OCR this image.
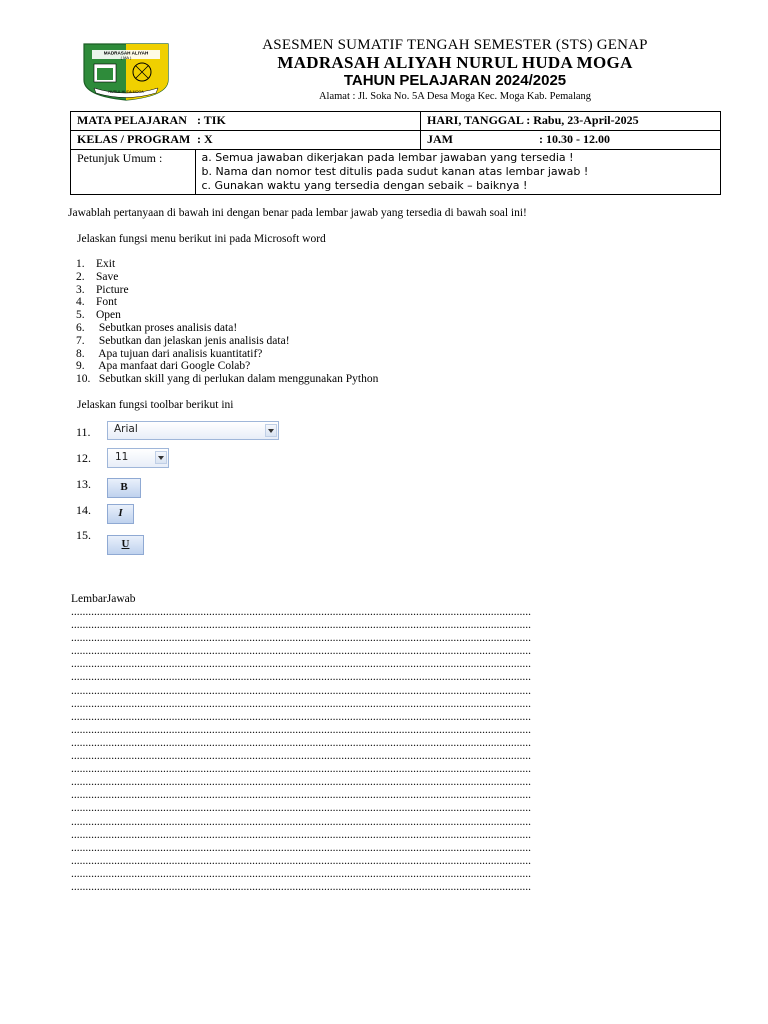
MADRASAH ALIYAH
( MA )
NURUL HUDA MOGA
ASESMEN SUMATIF TENGAH SEMESTER (STS) GENAP
MADRASAH ALIYAH NURUL HUDA MOGA
TAHUN PELAJARAN 2024/2025
Alamat : Jl. Soka No. 5A Desa Moga Kec. Moga Kab. Pemalang
MATA PELAJARAN : TIK	HARI, TANGGAL : Rabu, 23-April-2025
KELAS / PROGRAM : X	JAM	: 10.30 - 12.00

Petunjuk Umum :	a. Semua jawaban dikerjakan pada lembar jawaban yang tersedia !
b. Nama dan nomor test ditulis pada sudut kanan atas lembar jawab !
c. Gunakan waktu yang tersedia dengan sebaik – baiknya !
Jawablah pertanyaan di bawah ini dengan benar pada lembar jawab yang tersedia di bawah soal ini!
Jelaskan fungsi menu berikut ini pada Microsoft word
1. Exit
2. Save
3. Picture
4. Font
5. Open
6. Sebutkan proses analisis data!
7. Sebutkan dan jelaskan jenis analisis data!
8. Apa tujuan dari analisis kuantitatif?
9. Apa manfaat dari Google Colab?
10. Sebutkan skill yang di perlukan dalam menggunakan Python
Jelaskan fungsi toolbar berikut ini
11. Arial
12. 11
13.	B
14.	I
15.
U
LembarJawab
................................................................................................................................................................
................................................................................................................................................................
................................................................................................................................................................
................................................................................................................................................................
................................................................................................................................................................
................................................................................................................................................................
................................................................................................................................................................
................................................................................................................................................................
................................................................................................................................................................
................................................................................................................................................................
................................................................................................................................................................
................................................................................................................................................................
................................................................................................................................................................
................................................................................................................................................................
................................................................................................................................................................
................................................................................................................................................................
................................................................................................................................................................
................................................................................................................................................................
................................................................................................................................................................
................................................................................................................................................................
................................................................................................................................................................
................................................................................................................................................................
